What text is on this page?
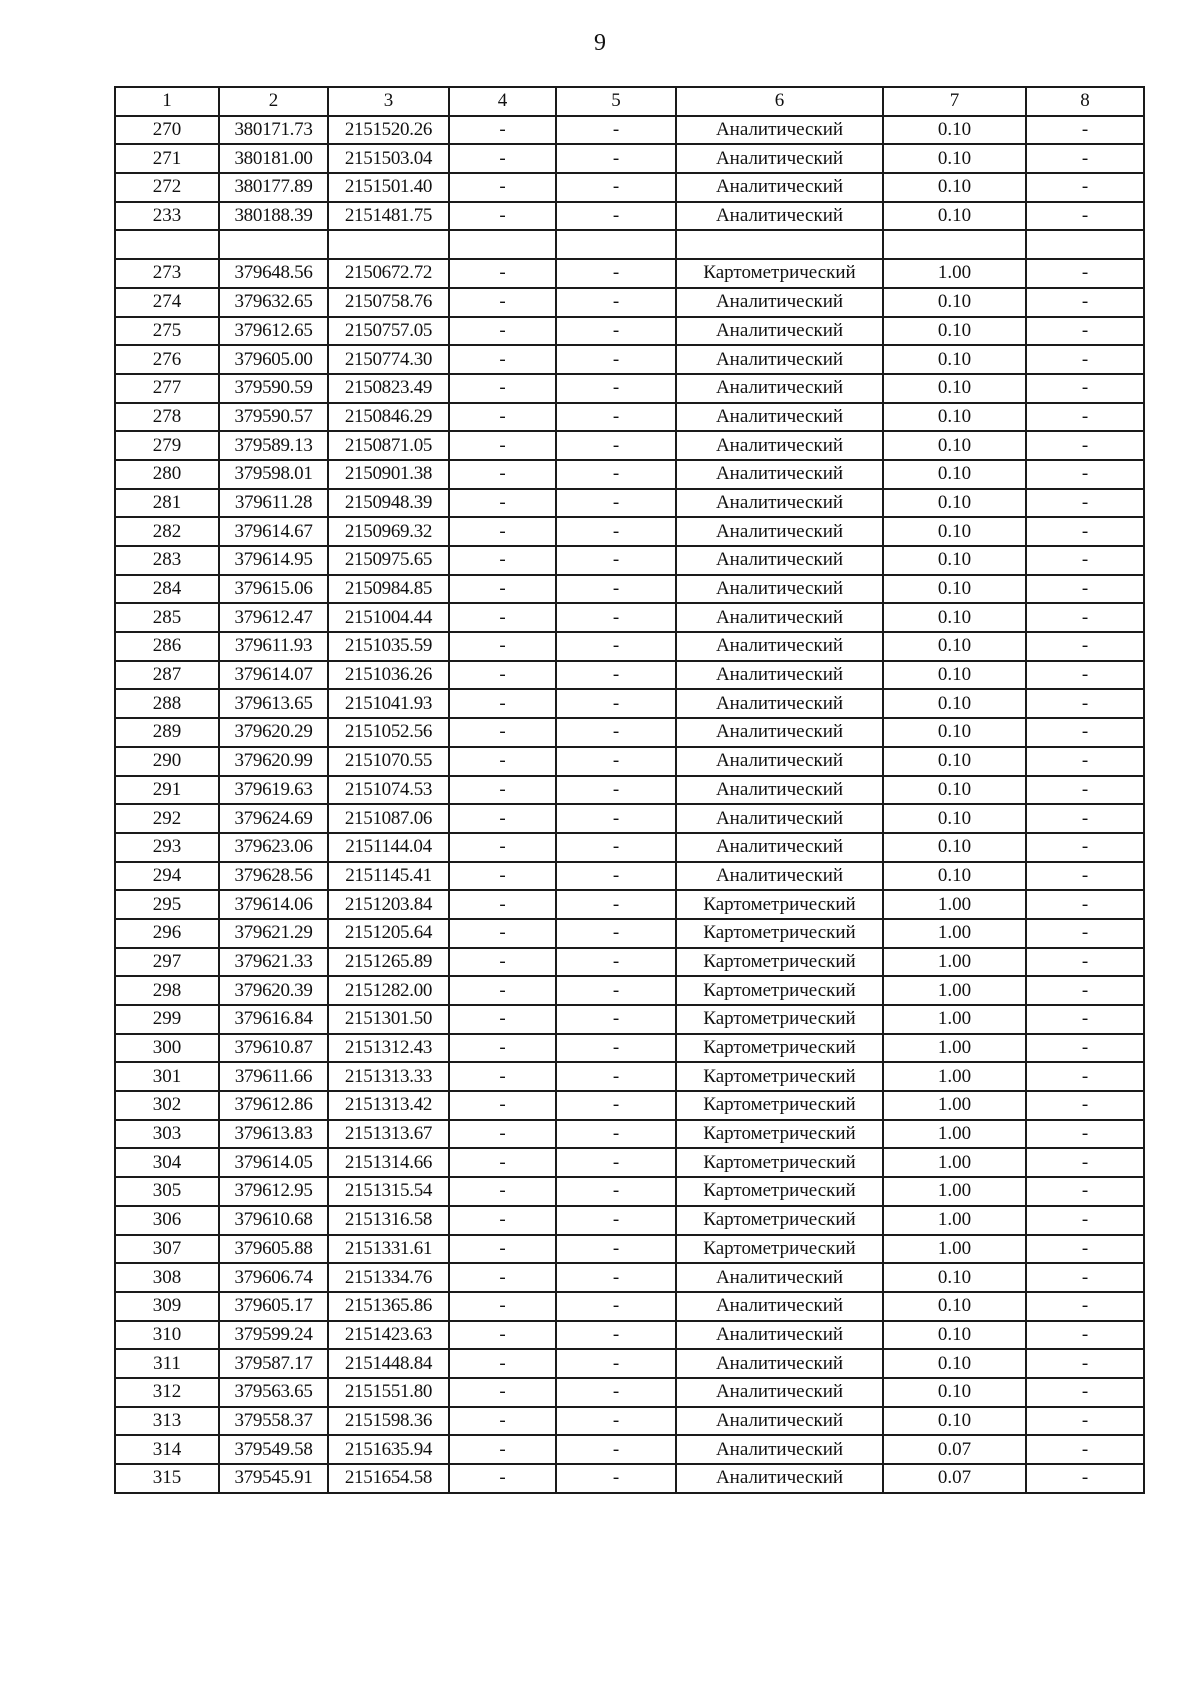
9
1	2	3	4	5	6	7	8
270	380171.73	2151520.26	-	-	Аналитический	0.10	-
271	380181.00	2151503.04	-	-	Аналитический	0.10	-
272	380177.89	2151501.40	-	-	Аналитический	0.10	-
233	380188.39	2151481.75	-	-	Аналитический	0.10	-

273	379648.56	2150672.72	-	-	Картометрический	1.00	-
274	379632.65	2150758.76	-	-	Аналитический	0.10	-
275	379612.65	2150757.05	-	-	Аналитический	0.10	-
276	379605.00	2150774.30	-	-	Аналитический	0.10	-
277	379590.59	2150823.49	-	-	Аналитический	0.10	-
278	379590.57	2150846.29	-	-	Аналитический	0.10	-
279	379589.13	2150871.05	-	-	Аналитический	0.10	-
280	379598.01	2150901.38	-	-	Аналитический	0.10	-
281	379611.28	2150948.39	-	-	Аналитический	0.10	-
282	379614.67	2150969.32	-	-	Аналитический	0.10	-
283	379614.95	2150975.65	-	-	Аналитический	0.10	-
284	379615.06	2150984.85	-	-	Аналитический	0.10	-
285	379612.47	2151004.44	-	-	Аналитический	0.10	-
286	379611.93	2151035.59	-	-	Аналитический	0.10	-
287	379614.07	2151036.26	-	-	Аналитический	0.10	-
288	379613.65	2151041.93	-	-	Аналитический	0.10	-
289	379620.29	2151052.56	-	-	Аналитический	0.10	-
290	379620.99	2151070.55	-	-	Аналитический	0.10	-
291	379619.63	2151074.53	-	-	Аналитический	0.10	-
292	379624.69	2151087.06	-	-	Аналитический	0.10	-
293	379623.06	2151144.04	-	-	Аналитический	0.10	-
294	379628.56	2151145.41	-	-	Аналитический	0.10	-
295	379614.06	2151203.84	-	-	Картометрический	1.00	-
296	379621.29	2151205.64	-	-	Картометрический	1.00	-
297	379621.33	2151265.89	-	-	Картометрический	1.00	-
298	379620.39	2151282.00	-	-	Картометрический	1.00	-
299	379616.84	2151301.50	-	-	Картометрический	1.00	-
300	379610.87	2151312.43	-	-	Картометрический	1.00	-
301	379611.66	2151313.33	-	-	Картометрический	1.00	-
302	379612.86	2151313.42	-	-	Картометрический	1.00	-
303	379613.83	2151313.67	-	-	Картометрический	1.00	-
304	379614.05	2151314.66	-	-	Картометрический	1.00	-
305	379612.95	2151315.54	-	-	Картометрический	1.00	-
306	379610.68	2151316.58	-	-	Картометрический	1.00	-
307	379605.88	2151331.61	-	-	Картометрический	1.00	-
308	379606.74	2151334.76	-	-	Аналитический	0.10	-
309	379605.17	2151365.86	-	-	Аналитический	0.10	-
310	379599.24	2151423.63	-	-	Аналитический	0.10	-
311	379587.17	2151448.84	-	-	Аналитический	0.10	-
312	379563.65	2151551.80	-	-	Аналитический	0.10	-
313	379558.37	2151598.36	-	-	Аналитический	0.10	-
314	379549.58	2151635.94	-	-	Аналитический	0.07	-
315	379545.91	2151654.58	-	-	Аналитический	0.07	-
